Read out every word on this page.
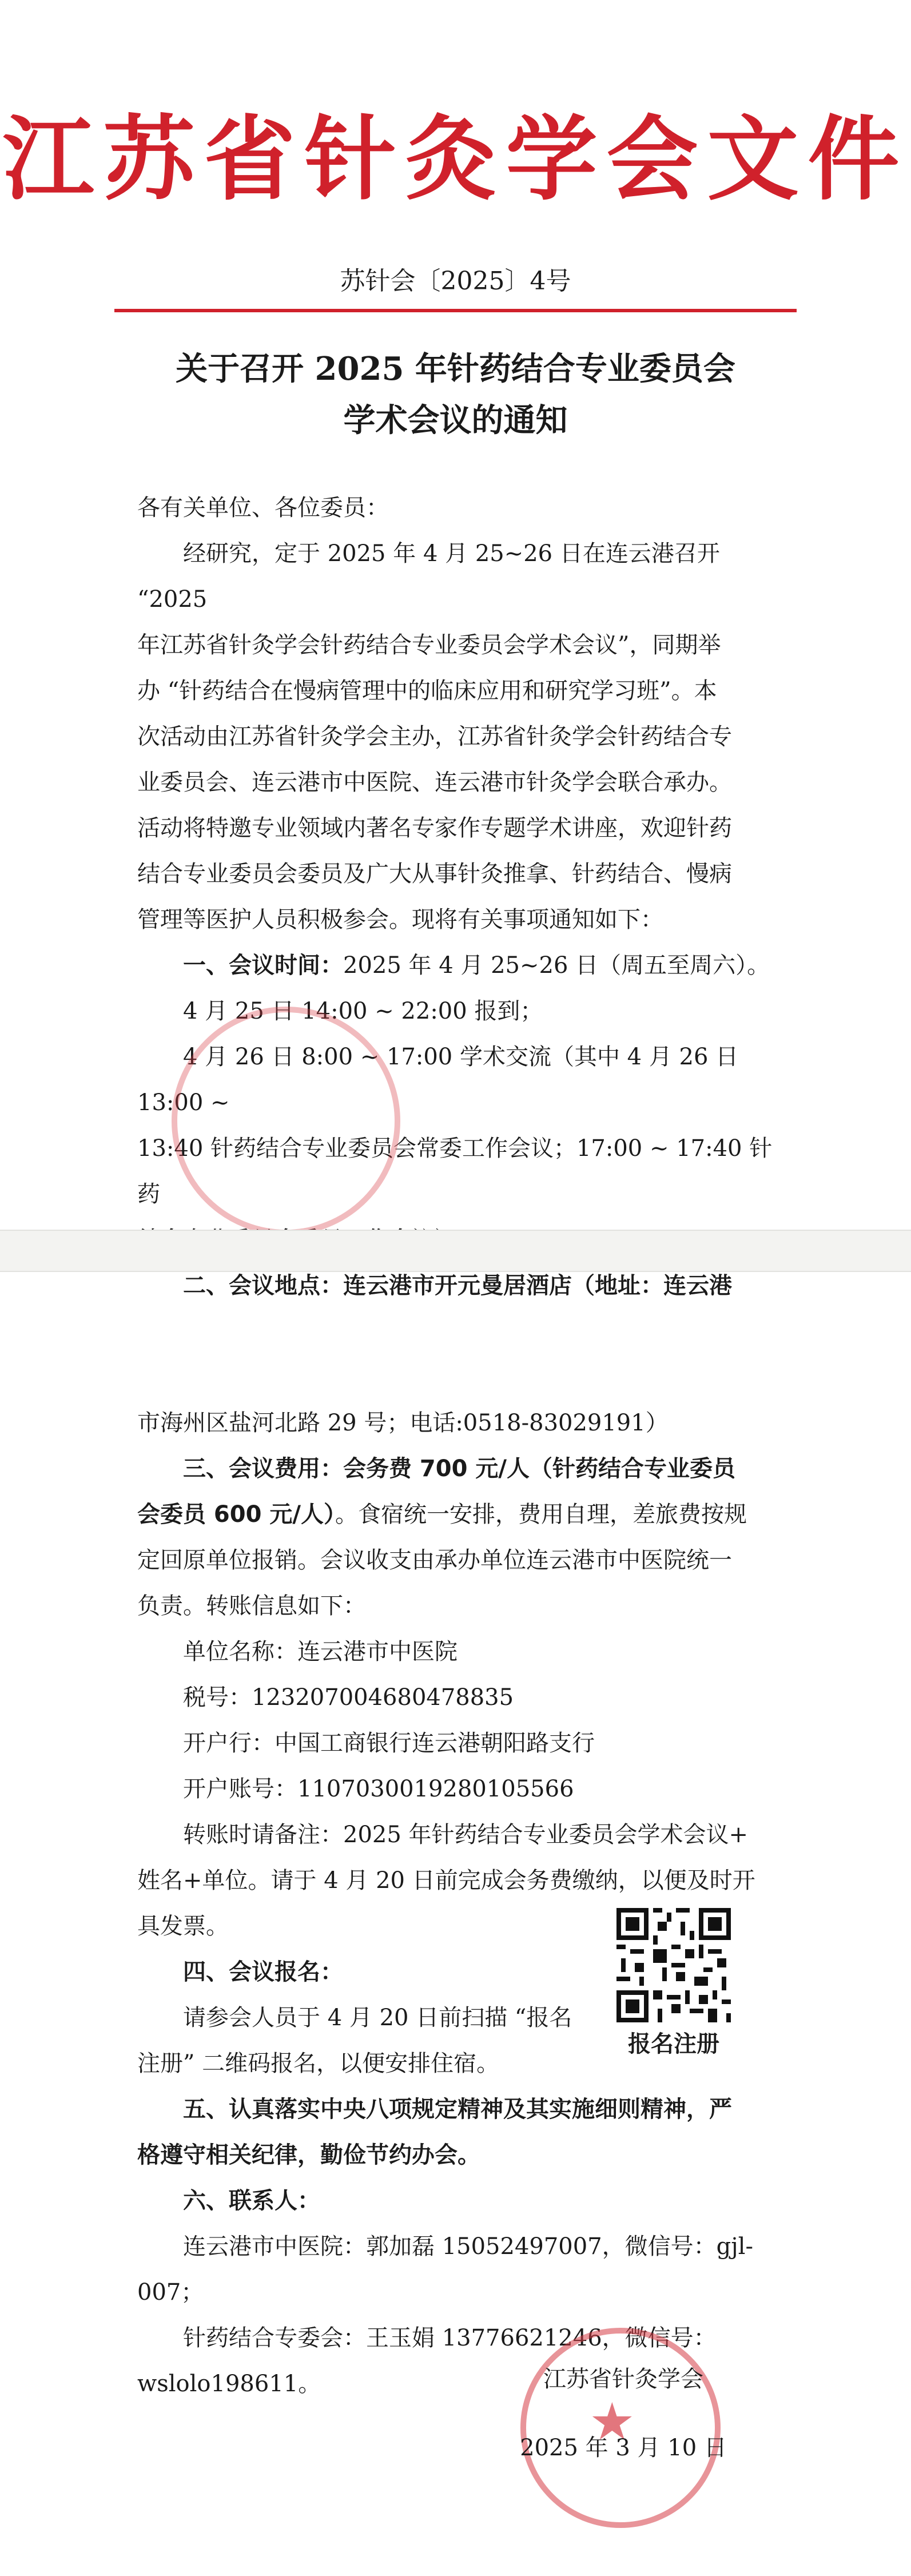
江苏省针灸学会文件
苏针会〔2025〕4号
关于召开 2025 年针药结合专业委员会
学术会议的通知

各有关单位、各位委员：

经研究，定于 2025 年 4 月 25~26 日在连云港召开 “2025

年江苏省针灸学会针药结合专业委员会学术会议”，同期举

办 “针药结合在慢病管理中的临床应用和研究学习班”。本

次活动由江苏省针灸学会主办，江苏省针灸学会针药结合专

业委员会、连云港市中医院、连云港市针灸学会联合承办。

活动将特邀专业领域内著名专家作专题学术讲座，欢迎针药

结合专业委员会委员及广大从事针灸推拿、针药结合、慢病

管理等医护人员积极参会。现将有关事项通知如下：

一、会议时间：2025 年 4 月 25~26 日（周五至周六）。

4 月 25 日 14:00 ~ 22:00 报到；

4 月 26 日 8:00 ~ 17:00 学术交流（其中 4 月 26 日 13:00 ~

13:40 针药结合专业委员会常委工作会议；17:00 ~ 17:40 针药

二、会议地点：连云港市开元曼居酒店（地址：连云港

市海州区盐河北路 29 号；电话:0518-83029191）

三、会议费用：会务费 700 元/人（针药结合专业委员

会委员 600 元/人）。食宿统一安排，费用自理，差旅费按规

定回原单位报销。会议收支由承办单位连云港市中医院统一

负责。转账信息如下：

单位名称：连云港市中医院

税号：123207004680478835

开户行：中国工商银行连云港朝阳路支行

开户账号：1107030019280105566

转账时请备注：2025 年针药结合专业委员会学术会议+

姓名+单位。请于 4 月 20 日前完成会务费缴纳，以便及时开

具发票。

四、会议报名：

请参会人员于 4 月 20 日前扫描 “报名

注册” 二维码报名，以便安排住宿。

五、认真落实中央八项规定精神及其实施细则精神，严

格遵守相关纪律，勤俭节约办会。

六、联系人：

连云港市中医院：郭加磊 15052497007，微信号：gjl-007；

针药结合专委会：王玉娟 13776621246，微信号：wslolo198611。

报名注册
★
江苏省针灸学会
2025 年 3 月 10 日
